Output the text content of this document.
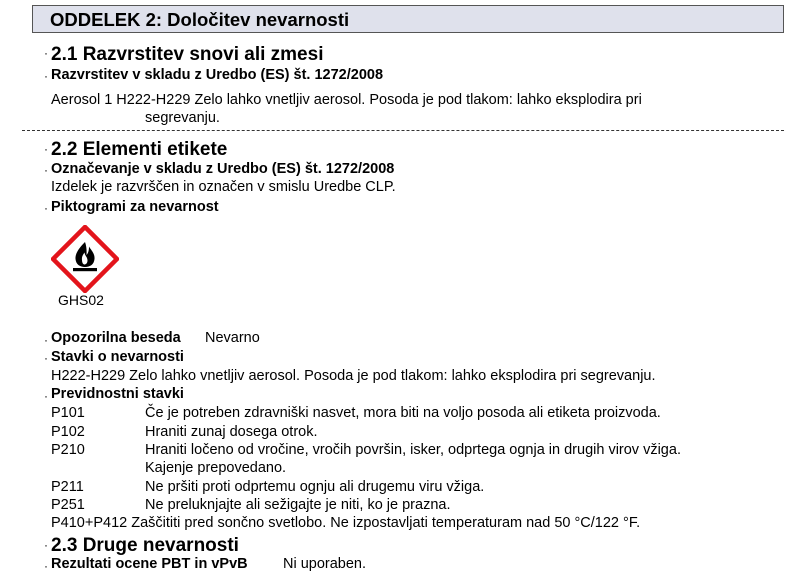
ODDELEK 2: Določitev nevarnosti
· 2.1 Razvrstitev snovi ali zmesi
· Razvrstitev v skladu z Uredbo (ES) št. 1272/2008
Aerosol 1 H222-H229 Zelo lahko vnetljiv aerosol. Posoda je pod tlakom: lahko eksplodira pri
segrevanju.
· 2.2 Elementi etikete
· Označevanje v skladu z Uredbo (ES) št. 1272/2008
Izdelek je razvrščen in označen v smislu Uredbe CLP.
· Piktogrami za nevarnost
GHS02
· Opozorilna beseda Nevarno
· Stavki o nevarnosti
H222-H229 Zelo lahko vnetljiv aerosol. Posoda je pod tlakom: lahko eksplodira pri segrevanju.
· Previdnostni stavki
P101	Če je potreben zdravniški nasvet, mora biti na voljo posoda ali etiketa proizvoda.
P102	Hraniti zunaj dosega otrok.
P210	Hraniti ločeno od vročine, vročih površin, isker, odprtega ognja in drugih virov vžiga.
Kajenje prepovedano.
P211	Ne pršiti proti odprtemu ognju ali drugemu viru vžiga.
P251	Ne preluknjajte ali sežigajte je niti, ko je prazna.
P410+P412 Zaščititi pred sončno svetlobo. Ne izpostavljati temperaturam nad 50 °C/122 °F.
· 2.3 Druge nevarnosti
· Rezultati ocene PBT in vPvB Ni uporaben.
